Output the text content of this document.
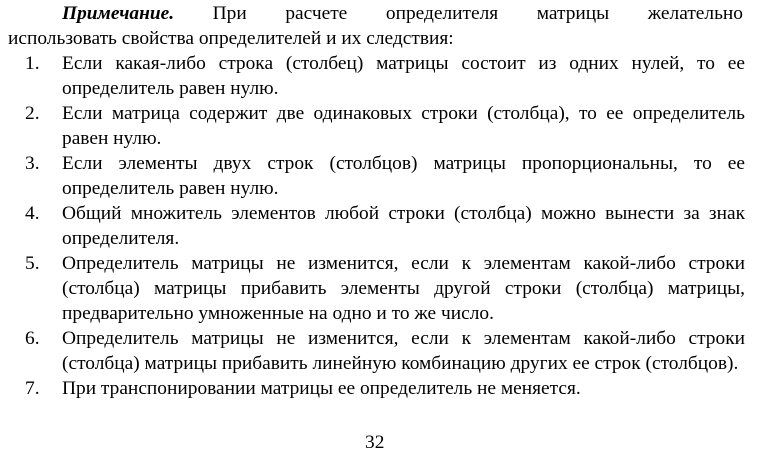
Примечание. При расчете определителя матрицы желательно
использовать свойства определителей и их следствия:
1.	Если какая-либо строка (столбец) матрицы состоит из одних нулей, то ее определитель равен нулю.
2.	Если матрица содержит две одинаковых строки (столбца), то ее определитель равен нулю.
3.	Если элементы двух строк (столбцов) матрицы пропорциональны, то ее определитель равен нулю.
4.	Общий множитель элементов любой строки (столбца) можно вынести за знак определителя.
5.	Определитель матрицы не изменится, если к элементам какой-либо строки (столбца) матрицы прибавить элементы другой строки (столбца) матрицы, предварительно умноженные на одно и то же число.
6.	Определитель матрицы не изменится, если к элементам какой-либо строки (столбца) матрицы прибавить линейную комбинацию других ее строк (столбцов).
7.	При транспонировании матрицы ее определитель не меняется.
32
